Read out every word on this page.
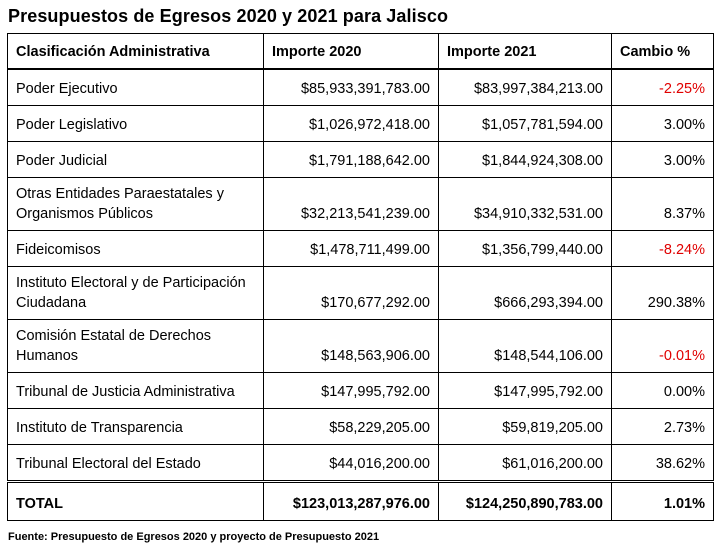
Presupuestos de Egresos 2020 y 2021 para Jalisco
Clasificación Administrativa	Importe 2020	Importe 2021	Cambio %
Poder Ejecutivo	$85,933,391,783.00	$83,997,384,213.00	-2.25%
Poder Legislativo	$1,026,972,418.00	$1,057,781,594.00	3.00%
Poder Judicial	$1,791,188,642.00	$1,844,924,308.00	3.00%
Otras Entidades Paraestatales y Organismos Públicos	$32,213,541,239.00	$34,910,332,531.00	8.37%
Fideicomisos	$1,478,711,499.00	$1,356,799,440.00	-8.24%
Instituto Electoral y de Participación Ciudadana	$170,677,292.00	$666,293,394.00	290.38%
Comisión Estatal de Derechos Humanos	$148,563,906.00	$148,544,106.00	-0.01%
Tribunal de Justicia Administrativa	$147,995,792.00	$147,995,792.00	0.00%
Instituto de Transparencia	$58,229,205.00	$59,819,205.00	2.73%
Tribunal Electoral del Estado	$44,016,200.00	$61,016,200.00	38.62%
TOTAL	$123,013,287,976.00	$124,250,890,783.00	1.01%
Fuente: Presupuesto de Egresos 2020 y proyecto de Presupuesto 2021
